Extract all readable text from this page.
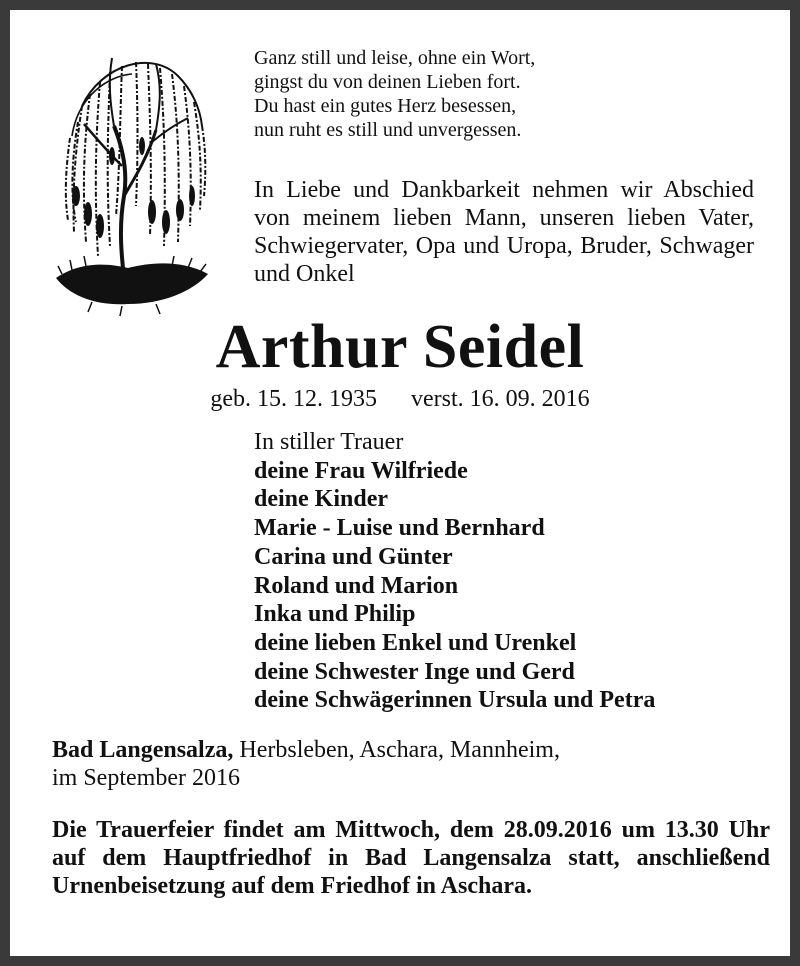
Ganz still und leise, ohne ein Wort,
gingst du von deinen Lieben fort.
Du hast ein gutes Herz besessen,
nun ruht es still und unvergessen.
In Liebe und Dankbarkeit nehmen wir Abschied von meinem lieben Mann, unseren lieben Vater, Schwiegervater, Opa und Uropa, Bruder, Schwager und Onkel
Arthur Seidel
geb. 15. 12. 1935 verst. 16. 09. 2016
In stiller Trauer
deine Frau Wilfriede
deine Kinder
Marie - Luise und Bernhard
Carina und Günter
Roland und Marion
Inka und Philip
deine lieben Enkel und Urenkel
deine Schwester Inge und Gerd
deine Schwägerinnen Ursula und Petra
Bad Langensalza, Herbsleben, Aschara, Mannheim,
im September 2016
Die Trauerfeier findet am Mittwoch, dem 28.09.2016 um 13.30 Uhr auf dem Hauptfriedhof in Bad Langensalza statt, anschließend Urnenbeisetzung auf dem Friedhof in Aschara.
